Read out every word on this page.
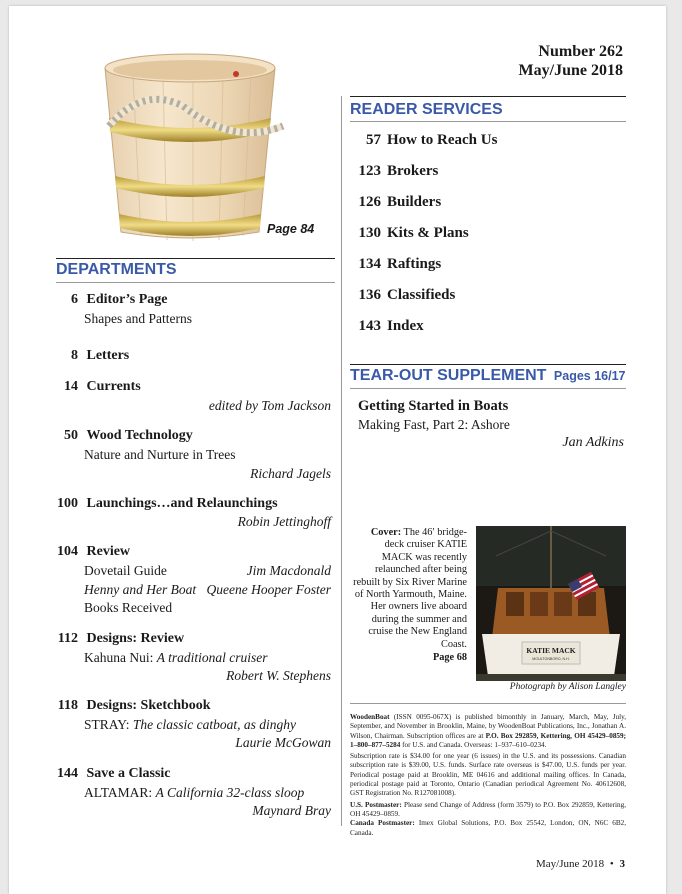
Number 262
May/June 2018
Page 84
DEPARTMENTS
6 Editor’s Page
Shapes and Patterns
8 Letters
14 Currents
edited by Tom Jackson
50 Wood Technology
Nature and Nurture in Trees
Richard Jagels
100 Launchings…and Relaunchings
Robin Jettinghoff
104 Review
Dovetail Guide	Jim Macdonald
Henny and Her Boat Queene Hooper Foster
Books Received
112 Designs: Review
Kahuna Nui: A traditional cruiser
Robert W. Stephens
118 Designs: Sketchbook
STRAY: The classic catboat, as dinghy
Laurie McGowan
144 Save a Classic
ALTAMAR: A California 32-class sloop
Maynard Bray
READER SERVICES
57 How to Reach Us
123 Brokers
126 Builders
130 Kits & Plans
134 Raftings
136 Classifieds
143 Index
TEAR-OUT SUPPLEMENT Pages 16/17
Getting Started in Boats
Making Fast, Part 2: Ashore
Jan Adkins
Cover: The 46′ bridge-deck cruiser KATIE MACK was recently relaunched after being rebuilt by Six River Marine of North Yarmouth, Maine. Her owners live aboard during the summer and cruise the New England Coast.
Page 68
KATIE MACK
MOULTONBORO, N.H.
Photograph by Alison Langley

WoodenBoat (ISSN 0095-067X) is published bimonthly in January, March, May, July, September, and November in Brooklin, Maine, by WoodenBoat Publications, Inc., Jonathan A. Wilson, Chairman. Subscription offices are at P.O. Box 292859, Kettering, OH 45429–0859; 1–800–877–5284 for U.S. and Canada. Overseas: 1–937–610–0234.

Subscription rate is $34.00 for one year (6 issues) in the U.S. and its possessions. Canadian subscription rate is $39.00, U.S. funds. Surface rate overseas is $47.00, U.S. funds per year. Periodical postage paid at Brooklin, ME 04616 and additional mailing offices. In Canada, periodical postage paid at Toronto, Ontario (Canadian periodical Agreement No. 40612608, GST Registration No. R127081008).

U.S. Postmaster: Please send Change of Address (form 3579) to P.O. Box 292859, Kettering, OH 45429–0859.

Canada Postmaster: Imex Global Solutions, P.O. Box 25542, London, ON, N6C 6B2, Canada.

May/June 2018 • 3
